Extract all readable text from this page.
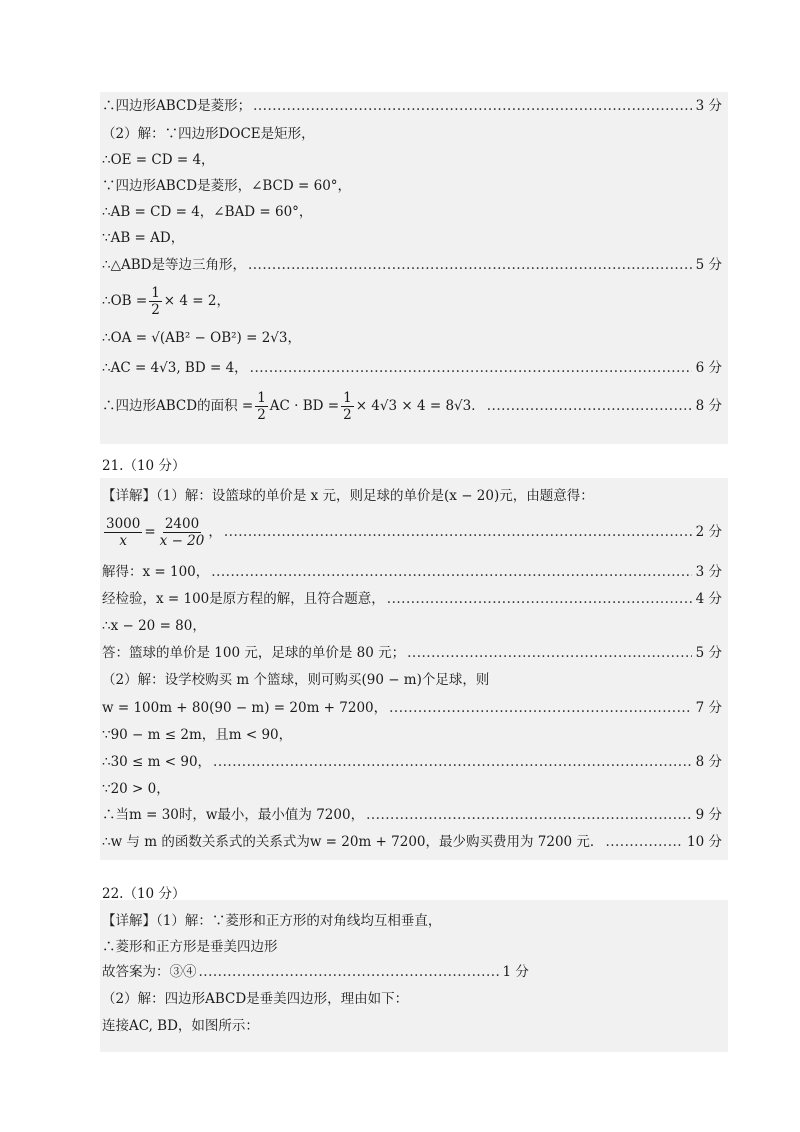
∴四边形ABCD是菱形； .....	3 分
（2）解：∵四边形DOCE是矩形，
∴OE = CD = 4，
∵四边形ABCD是菱形，∠BCD = 60°，
∴AB = CD = 4，∠BAD = 60°，
∵AB = AD，
∴△ABD是等边三角形， .....	5 分
∴OB = $\frac{1}{2} \times 4 = 2$，
∴OA = √(AB² − OB²) = 2√3，
∴AC = 4√3, BD = 4， .....	6 分
∴四边形ABCD的面积 = $\frac{1}{2}$ AC · BD = $\frac{1}{2} \times 4√3 \times 4 = 8√3$． .....	8 分
21.（10 分）
【详解】（1）解：设篮球的单价是 x 元，则足球的单价是(x − 20)元，由题意得：
$\frac{3000}{x} = \frac{2400}{x - 20}$ ， .....	2 分
解得：x = 100， .....	3 分
经检验，x = 100是原方程的解，且符合题意， .....	4 分
∴x − 20 = 80，
答：篮球的单价是 100 元，足球的单价是 80 元； .....	5 分
（2）解：设学校购买 m 个篮球，则可购买(90 − m)个足球，则
w = 100m + 80(90 − m) = 20m + 7200， .....	7 分
∵90 − m ≤ 2m，且m < 90，
∴30 ≤ m < 90， .....	8 分
∵20 > 0，
∴当m = 30时，w最小，最小值为 7200， .....	9 分
∴w 与 m 的函数关系式的关系式为w = 20m + 7200，最少购买费用为 7200 元． .....	10 分
22.（10 分）
【详解】（1）解：∵菱形和正方形的对角线均互相垂直，
∴菱形和正方形是垂美四边形
故答案为：③④ .....	1 分
（2）解：四边形ABCD是垂美四边形，理由如下：
连接AC, BD，如图所示：
